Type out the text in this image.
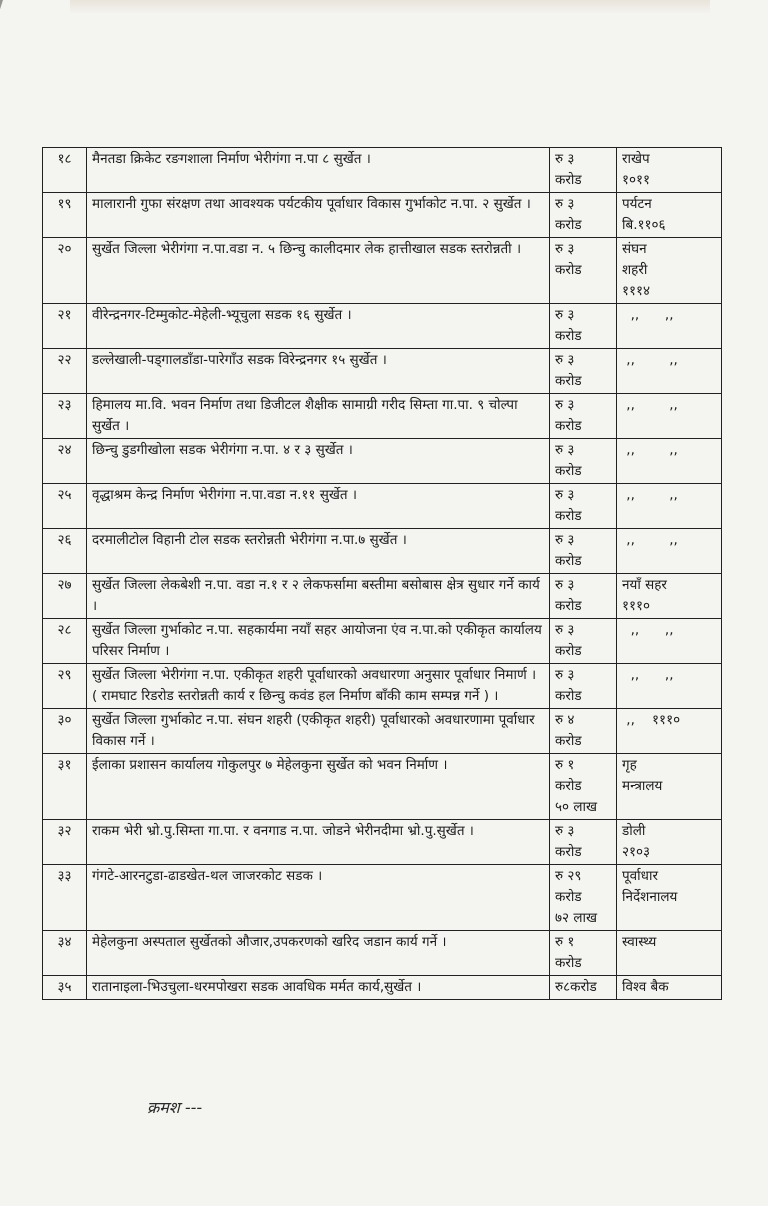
१८	मैनतडा क्रिकेट रङगशाला निर्माण भेरीगंगा न.पा ८ सुर्खेत ।	रु ३
करोड	राखेप
१०११

१९	मालारानी गुफा संरक्षण तथा आवश्यक पर्यटकीय पूर्वाधार विकास गुर्भाकोट न.पा. २ सुर्खेत ।	रु ३
करोड	पर्यटन
बि.११०६

२०	सुर्खेत जिल्ला भेरीगंगा न.पा.वडा न. ५ छिन्चु कालीदमार लेक हात्तीखाल सडक स्तरोन्नती ।	रु ३
करोड	संघन
शहरी
१११४

२१	वीरेन्द्रनगर-टिम्मुकोट-मेहेली-भ्यूचुला सडक १६ सुर्खेत ।	रु ३
करोड	,,      ,,

२२	डल्लेखाली-पड्गालडाँडा-पारेगाँउ सडक विरेन्द्रनगर १५ सुर्खेत ।	रु ३
करोड	,,        ,,

२३	हिमालय मा.वि. भवन निर्माण तथा डिजीटल शैक्षीक सामाग्री गरीद सिम्ता गा.पा. ९ चोल्पा सुर्खेत ।	रु ३
करोड	,,        ,,

२४	छिन्चु डुडगीखोला सडक भेरीगंगा न.पा. ४ र ३ सुर्खेत ।	रु ३
करोड	,,        ,,

२५	वृद्धाश्रम केन्द्र निर्माण भेरीगंगा न.पा.वडा न.११ सुर्खेत ।	रु ३
करोड	,,        ,,

२६	दरमालीटोल विहानी टोल सडक स्तरोन्नती भेरीगंगा न.पा.७ सुर्खेत ।	रु ३
करोड	,,        ,,

२७	सुर्खेत जिल्ला लेकबेशी न.पा. वडा न.१ र २ लेकफर्सामा बस्तीमा बसोबास क्षेत्र सुधार गर्ने कार्य ।	रु ३
करोड	नयाँ सहर
१११०

२८	सुर्खेत जिल्ला गुर्भाकोट न.पा. सहकार्यमा नयाँ सहर आयोजना एंव न.पा.को एकीकृत कार्यालय परिसर निर्माण ।	रु ३
करोड	,,      ,,

२९	सुर्खेत जिल्ला भेरीगंगा न.पा. एकीकृत शहरी पूर्वाधारको अवधारणा अनुसार पूर्वाधार निमार्ण । ( रामघाट रिडरोड स्तरोन्नती कार्य र छिन्चु कवंड हल निर्माण बाँकी काम सम्पन्न गर्ने ) ।	रु ३
करोड	,,      ,,

३०	सुर्खेत जिल्ला गुर्भाकोट न.पा. संघन शहरी (एकीकृत शहरी) पूर्वाधारको अवधारणामा पूर्वाधार विकास गर्ने ।	रु ४
करोड	,,    १११०

३१	ईलाका प्रशासन कार्यालय गोकुलपुर ७ मेहेलकुना सुर्खेत को भवन निर्माण ।	रु १
करोड
५० लाख	गृह
मन्त्रालय

३२	राकम भेरी भ्रो.पु.सिम्ता गा.पा. र वनगाड न.पा. जोडने भेरीनदीमा भ्रो.पु.सुर्खेत ।	रु ३
करोड	डोली
२१०३

३३	गंगटे-आरनटुडा-ढाडखेत-थल जाजरकोट सडक ।	रु २९
करोड
७२ लाख	पूर्वाधार
निर्देशनालय

३४	मेहेलकुना अस्पताल सुर्खेतको औजार,उपकरणको खरिद जडान कार्य गर्ने ।	रु १
करोड	स्वास्थ्य

३५	रातानाइला-भिउचुला-धरमपोखरा सडक आवधिक मर्मत कार्य,सुर्खेत ।	रु८करोड	विश्व बैक
क्रमश ---
